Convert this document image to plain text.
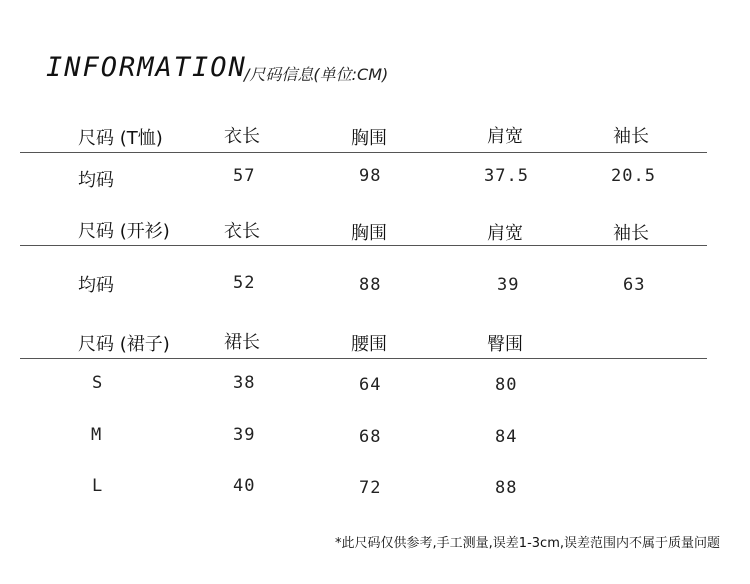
INFORMATION
/尺码信息(单位:CM)
尺码 (T恤)	衣长	胸围	肩宽	袖长
均码	57	98	37.5	20.5
尺码 (开衫)	衣长	胸围	肩宽	袖长
均码	52	88	39	63
尺码 (裙子)	裙长	腰围	臀围
S	38	64	80
M	39	68	84
L	40	72	88
*此尺码仅供参考,手工测量,误差1-3cm,误差范围内不属于质量问题
